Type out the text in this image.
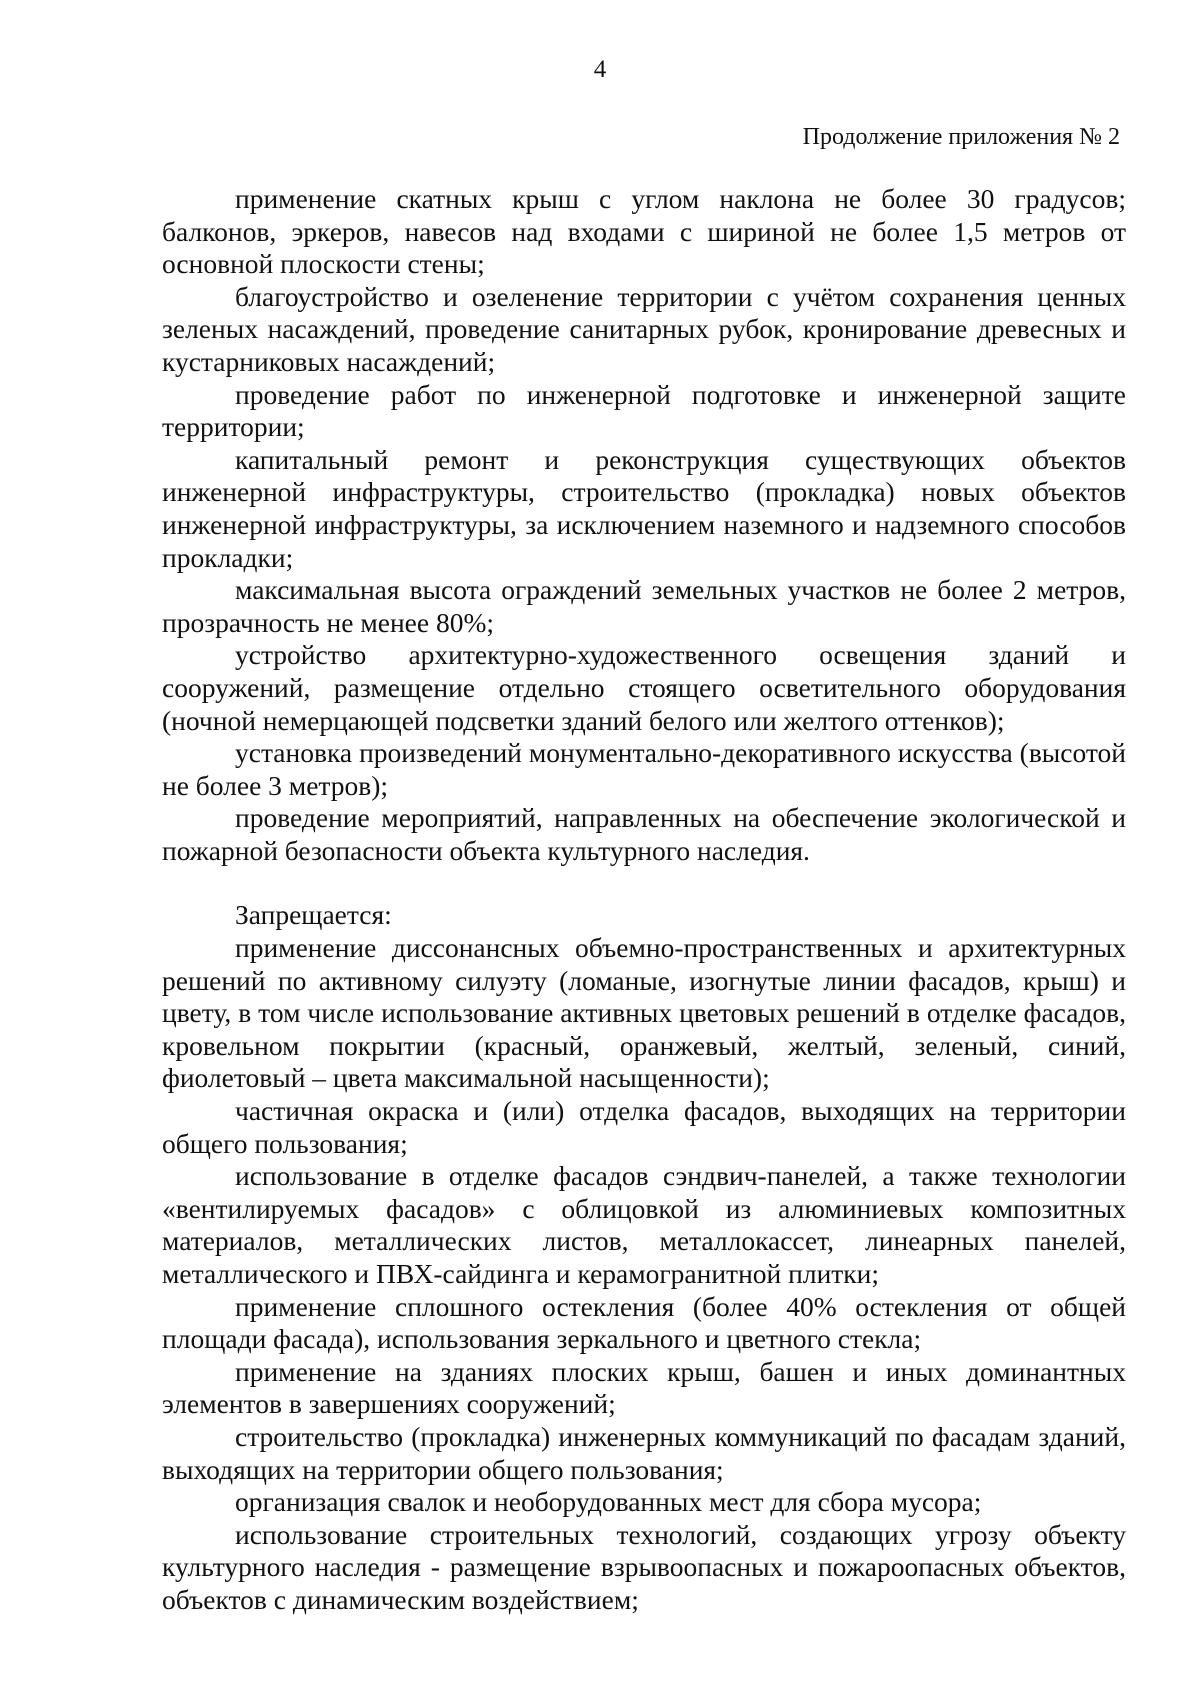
4
Продолжение приложения № 2

применение скатных крыш с углом наклона не более 30 градусов; балконов, эркеров, навесов над входами с шириной не более 1,5 метров от основной плоскости стены;

благоустройство и озеленение территории с учётом сохранения ценных зеленых насаждений, проведение санитарных рубок, кронирование древесных и кустарниковых насаждений;

проведение работ по инженерной подготовке и инженерной защите территории;

капитальный ремонт и реконструкция существующих объектов инженерной инфраструктуры, строительство (прокладка) новых объектов инженерной инфраструктуры, за исключением наземного и надземного способов прокладки;

максимальная высота ограждений земельных участков не более 2 метров, прозрачность не менее 80%;

устройство архитектурно-художественного освещения зданий и сооружений, размещение отдельно стоящего осветительного оборудования (ночной немерцающей подсветки зданий белого или желтого оттенков);

установка произведений монументально-декоративного искусства (высотой не более 3 метров);

проведение мероприятий, направленных на обеспечение экологической и пожарной безопасности объекта культурного наследия.

Запрещается:

применение диссонансных объемно-пространственных и архитектурных решений по активному силуэту (ломаные, изогнутые линии фасадов, крыш) и цвету, в том числе использование активных цветовых решений в отделке фасадов, кровельном покрытии (красный, оранжевый, желтый, зеленый, синий, фиолетовый – цвета максимальной насыщенности);

частичная окраска и (или) отделка фасадов, выходящих на территории общего пользования;

использование в отделке фасадов сэндвич-панелей, а также технологии «вентилируемых фасадов» с облицовкой из алюминиевых композитных материалов, металлических листов, металлокассет, линеарных панелей, металлического и ПВХ-сайдинга и керамогранитной плитки;

применение сплошного остекления (более 40% остекления от общей площади фасада), использования зеркального и цветного стекла;

применение на зданиях плоских крыш, башен и иных доминантных элементов в завершениях сооружений;

строительство (прокладка) инженерных коммуникаций по фасадам зданий, выходящих на территории общего пользования;

организация свалок и необорудованных мест для сбора мусора;

использование строительных технологий, создающих угрозу объекту культурного наследия - размещение взрывоопасных и пожароопасных объектов, объектов с динамическим воздействием;
